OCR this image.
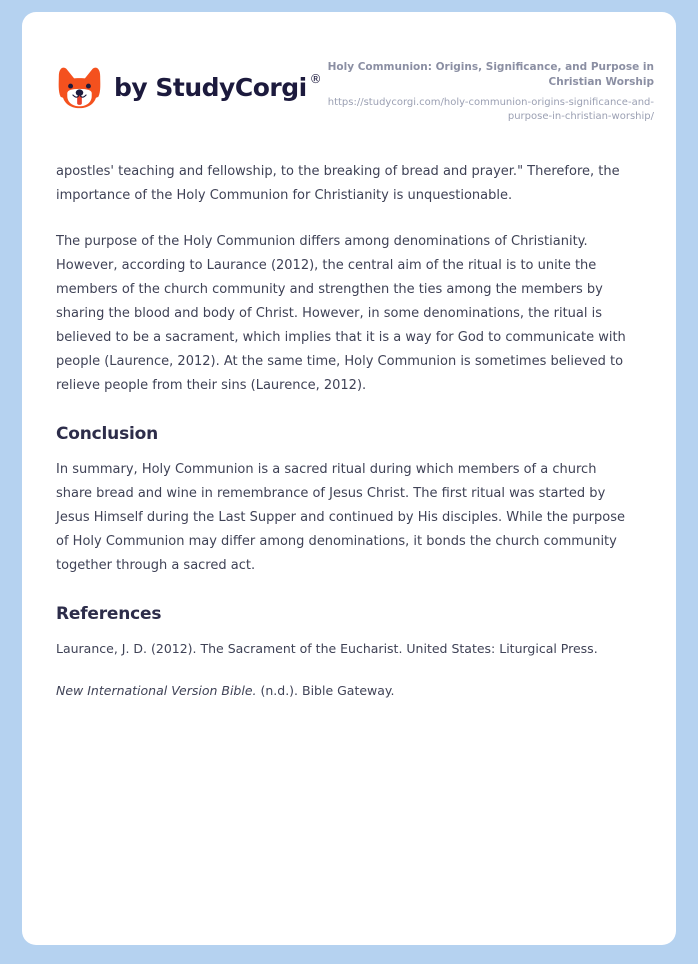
by StudyCorgi ®

Holy Communion: Origins, Significance, and Purpose in Christian Worship

https://studycorgi.com/holy-communion-origins-significance-and-purpose-in-christian-worship/

apostles' teaching and fellowship, to the breaking of bread and prayer." Therefore, the importance of the Holy Communion for Christianity is unquestionable.

The purpose of the Holy Communion differs among denominations of Christianity. However, according to Laurance (2012), the central aim of the ritual is to unite the members of the church community and strengthen the ties among the members by sharing the blood and body of Christ. However, in some denominations, the ritual is believed to be a sacrament, which implies that it is a way for God to communicate with people (Laurence, 2012). At the same time, Holy Communion is sometimes believed to relieve people from their sins (Laurence, 2012).

Conclusion

In summary, Holy Communion is a sacred ritual during which members of a church share bread and wine in remembrance of Jesus Christ. The first ritual was started by Jesus Himself during the Last Supper and continued by His disciples. While the purpose of Holy Communion may differ among denominations, it bonds the church community together through a sacred act.

References

Laurance, J. D. (2012). The Sacrament of the Eucharist. United States: Liturgical Press.

New International Version Bible. (n.d.). Bible Gateway.
